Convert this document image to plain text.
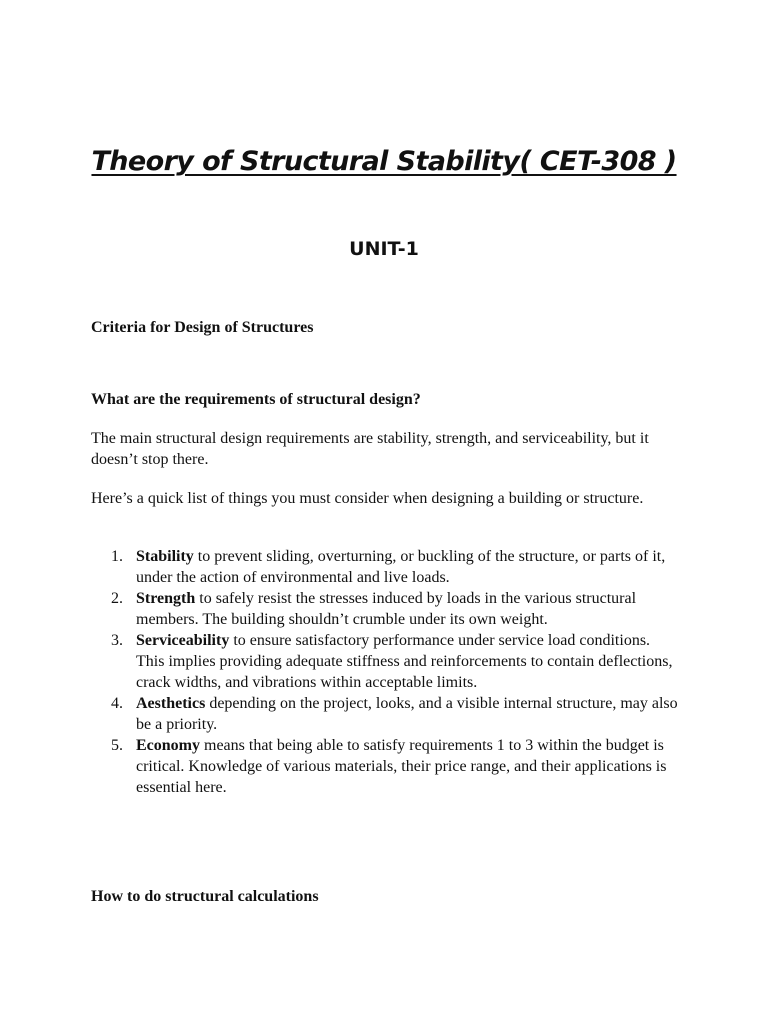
Theory of Structural Stability( CET-308 )
UNIT-1

Criteria for Design of Structures

What are the requirements of structural design?

The main structural design requirements are stability, strength, and serviceability, but it doesn’t stop there.

Here’s a quick list of things you must consider when designing a building or structure.

1. Stability to prevent sliding, overturning, or buckling of the structure, or parts of it, under the action of environmental and live loads.
2. Strength to safely resist the stresses induced by loads in the various structural members. The building shouldn’t crumble under its own weight.
3. Serviceability to ensure satisfactory performance under service load conditions. This implies providing adequate stiffness and reinforcements to contain deflections, crack widths, and vibrations within acceptable limits.
4. Aesthetics depending on the project, looks, and a visible internal structure, may also be a priority.
5. Economy means that being able to satisfy requirements 1 to 3 within the budget is critical. Knowledge of various materials, their price range, and their applications is essential here.

How to do structural calculations
